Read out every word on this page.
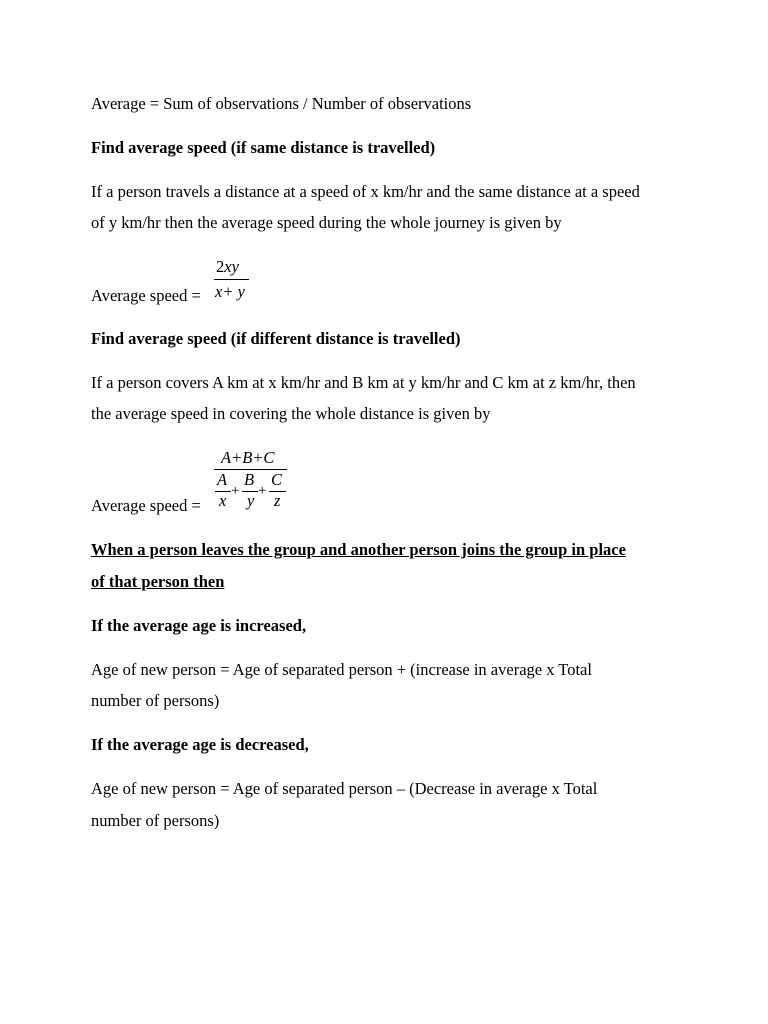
Average = Sum of observations / Number of observations
Find average speed (if same distance is travelled)
If a person travels a distance at a speed of x km/hr and the same distance at a speed
of y km/hr then the average speed during the whole journey is given by
Average speed =
2xy
x+ y
Find average speed (if different distance is travelled)
If a person covers A km at x km/hr and B km at y km/hr and C km at z km/hr, then
the average speed in covering the whole distance is given by
Average speed =
A+B+C
A
x +
B
y +
C
z
When a person leaves the group and another person joins the group in place
of that person then
If the average age is increased,
Age of new person = Age of separated person + (increase in average x Total
number of persons)
If the average age is decreased,
Age of new person = Age of separated person – (Decrease in average x Total
number of persons)
